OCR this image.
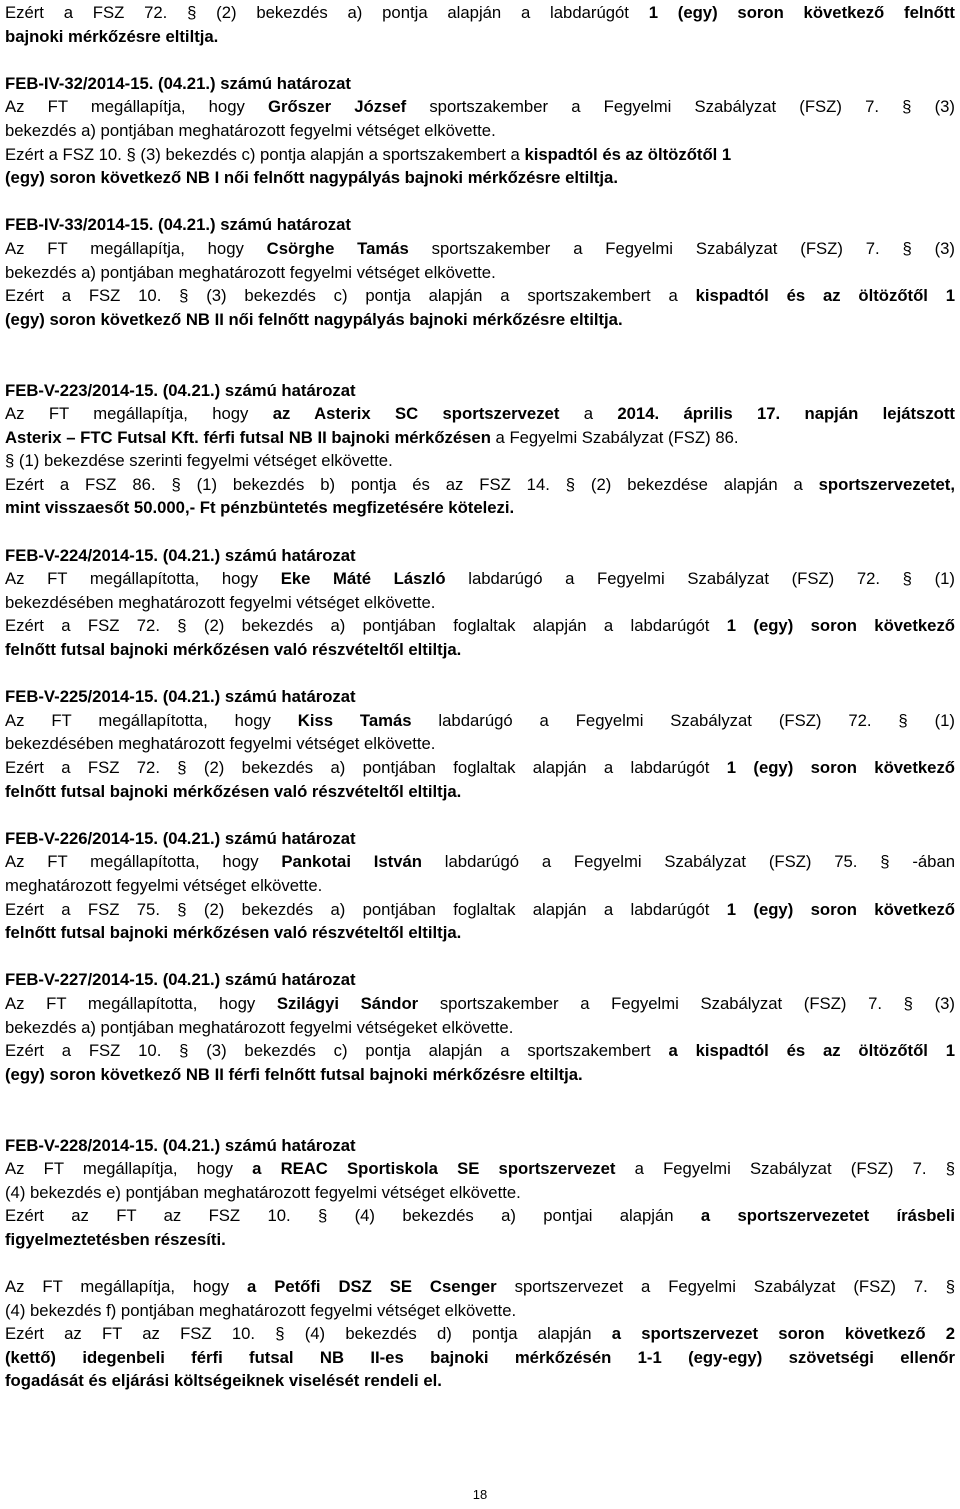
Ezért a FSZ 72. § (2) bekezdés a) pontja alapján a labdarúgót 1 (egy) soron következő felnőtt
bajnoki mérkőzésre eltiltja.
FEB-IV-32/2014-15. (04.21.) számú határozat
Az FT megállapítja, hogy Grőszer József sportszakember a Fegyelmi Szabályzat (FSZ) 7. § (3)
bekezdés a) pontjában meghatározott fegyelmi vétséget elkövette.
Ezért a FSZ 10. § (3) bekezdés c) pontja alapján a sportszakembert a kispadtól és az öltözőtől 1
(egy) soron következő NB I női felnőtt nagypályás bajnoki mérkőzésre eltiltja.
FEB-IV-33/2014-15. (04.21.) számú határozat
Az FT megállapítja, hogy Csörghe Tamás sportszakember a Fegyelmi Szabályzat (FSZ) 7. § (3)
bekezdés a) pontjában meghatározott fegyelmi vétséget elkövette.
Ezért a FSZ 10. § (3) bekezdés c) pontja alapján a sportszakembert a kispadtól és az öltözőtől 1
(egy) soron következő NB II női felnőtt nagypályás bajnoki mérkőzésre eltiltja.
FEB-V-223/2014-15. (04.21.) számú határozat
Az FT megállapítja, hogy az Asterix SC sportszervezet a 2014. április 17. napján lejátszott
Asterix – FTC Futsal Kft. férfi futsal NB II bajnoki mérkőzésen a Fegyelmi Szabályzat (FSZ) 86.
§ (1) bekezdése szerinti fegyelmi vétséget elkövette.
Ezért a FSZ 86. § (1) bekezdés b) pontja és az FSZ 14. § (2) bekezdése alapján a sportszervezetet,
mint visszaesőt 50.000,- Ft pénzbüntetés megfizetésére kötelezi.
FEB-V-224/2014-15. (04.21.) számú határozat
Az FT megállapította, hogy Eke Máté László labdarúgó a Fegyelmi Szabályzat (FSZ) 72. § (1)
bekezdésében meghatározott fegyelmi vétséget elkövette.
Ezért a FSZ 72. § (2) bekezdés a) pontjában foglaltak alapján a labdarúgót 1 (egy) soron következő
felnőtt futsal bajnoki mérkőzésen való részvételtől eltiltja.
FEB-V-225/2014-15. (04.21.) számú határozat
Az FT megállapította, hogy Kiss Tamás labdarúgó a Fegyelmi Szabályzat (FSZ) 72. § (1)
bekezdésében meghatározott fegyelmi vétséget elkövette.
Ezért a FSZ 72. § (2) bekezdés a) pontjában foglaltak alapján a labdarúgót 1 (egy) soron következő
felnőtt futsal bajnoki mérkőzésen való részvételtől eltiltja.
FEB-V-226/2014-15. (04.21.) számú határozat
Az FT megállapította, hogy Pankotai István labdarúgó a Fegyelmi Szabályzat (FSZ) 75. § -ában
meghatározott fegyelmi vétséget elkövette.
Ezért a FSZ 75. § (2) bekezdés a) pontjában foglaltak alapján a labdarúgót 1 (egy) soron következő
felnőtt futsal bajnoki mérkőzésen való részvételtől eltiltja.
FEB-V-227/2014-15. (04.21.) számú határozat
Az FT megállapította, hogy Szilágyi Sándor sportszakember a Fegyelmi Szabályzat (FSZ) 7. § (3)
bekezdés a) pontjában meghatározott fegyelmi vétségeket elkövette.
Ezért a FSZ 10. § (3) bekezdés c) pontja alapján a sportszakembert a kispadtól és az öltözőtől 1
(egy) soron következő NB II férfi felnőtt futsal bajnoki mérkőzésre eltiltja.
FEB-V-228/2014-15. (04.21.) számú határozat
Az FT megállapítja, hogy a REAC Sportiskola SE sportszervezet a Fegyelmi Szabályzat (FSZ) 7. §
(4) bekezdés e) pontjában meghatározott fegyelmi vétséget elkövette.
Ezért az FT az FSZ 10. § (4) bekezdés a) pontjai alapján a sportszervezetet írásbeli
figyelmeztetésben részesíti.
Az FT megállapítja, hogy a Petőfi DSZ SE Csenger sportszervezet a Fegyelmi Szabályzat (FSZ) 7. §
(4) bekezdés f) pontjában meghatározott fegyelmi vétséget elkövette.
Ezért az FT az FSZ 10. § (4) bekezdés d) pontja alapján a sportszervezet soron következő 2
(kettő) idegenbeli férfi futsal NB II-es bajnoki mérkőzésén 1-1 (egy-egy) szövetségi ellenőr
fogadását és eljárási költségeiknek viselését rendeli el.
18
